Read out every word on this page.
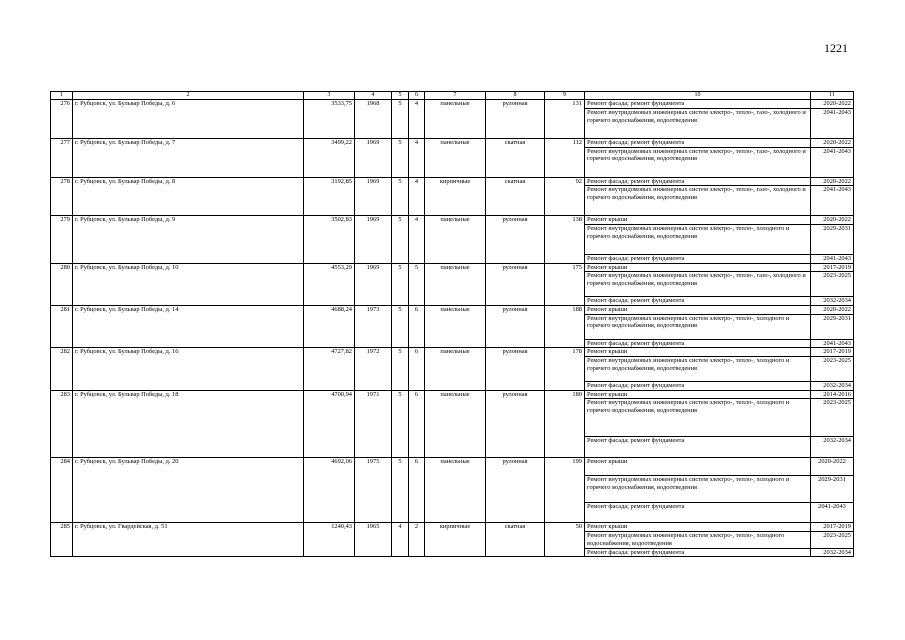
1221
1	2	3	4	5	6	7	8	9	10	11
276	г. Рубцовск, ул. Бульвар Победы, д. 6	3533,75	1968	5	4	панельные	рулонная	131	Ремонт фасада; ремонт фундамента	2020-2022
									Ремонт внутридомовых инженерных систем электро-, тепло-, газо-, холодного и горячего водоснабжения, водоотведения	2041-2043
277	г. Рубцовск, ул. Бульвар Победы, д. 7	3499,22	1969	5	4	панельные	скатная	112	Ремонт фасада; ремонт фундамента	2020-2022
									Ремонт внутридомовых инженерных систем электро-, тепло-, газо-, холодного и горячего водоснабжения, водоотведения	2041-2043
278	г. Рубцовск, ул. Бульвар Победы, д. 8	3192,85	1969	5	4	кирпичные	скатная	92	Ремонт фасада; ремонт фундамента	2020-2022
									Ремонт внутридомовых инженерных систем электро-, тепло-, газо-, холодного и горячего водоснабжения, водоотведения	2041-2043
279	г. Рубцовск, ул. Бульвар Победы, д. 9	3502,83	1969	5	4	панельные	рулонная	138	Ремонт крыши	2020-2022
									Ремонт внутридомовых инженерных систем электро-, тепло-, холодного и горячего водоснабжения, водоотведения	2029-2031
									Ремонт фасада; ремонт фундамента	2041-2043
280	г. Рубцовск, ул. Бульвар Победы, д. 10	4553,29	1969	5	5	панельные	рулонная	175	Ремонт крыши	2017-2019
									Ремонт внутридомовых инженерных систем электро-, тепло-, газо-, холодного и горячего водоснабжения, водоотведения	2023-2025
									Ремонт фасада; ремонт фундамента	2032-2034
281	г. Рубцовск, ул. Бульвар Победы, д. 14	4688,24	1973	5	6	панельные	рулонная	188	Ремонт крыши	2020-2022
									Ремонт внутридомовых инженерных систем электро-, тепло-, холодного и горячего водоснабжения, водоотведения	2029-2031
									Ремонт фасада; ремонт фундамента	2041-2043
282	г. Рубцовск, ул. Бульвар Победы, д. 16	4727,82	1972	5	6	панельные	рулонная	178	Ремонт крыши	2017-2019
									Ремонт внутридомовых инженерных систем электро-, тепло-, холодного и горячего водоснабжения, водоотведения	2023-2025
									Ремонт фасада; ремонт фундамента	2032-2034
283	г. Рубцовск, ул. Бульвар Победы, д. 18	4700,94	1971	5	6	панельные	рулонная	180	Ремонт крыши	2014-2016
									Ремонт внутридомовых инженерных систем электро-, тепло-, холодного и горячего водоснабжения, водоотведения	2023-2025
									Ремонт фасада; ремонт фундамента	2032-2034
284	г. Рубцовск, ул. Бульвар Победы, д. 20	4692,06	1975	5	6	панельные	рулонная	199	Ремонт крыши	2020-2022
									Ремонт внутридомовых инженерных систем электро-, тепло-, холодного и горячего водоснабжения, водоотведения	2029-2031
									Ремонт фасада; ремонт фундамента	2041-2043
285	г. Рубцовск, ул. Гвардейская, д. 51	1240,43	1965	4	2	кирпичные	скатная	50	Ремонт крыши	2017-2019
									Ремонт внутридомовых инженерных систем электро-, тепло-, холодного водоснабжения, водоотведения	2023-2025
									Ремонт фасада; ремонт фундамента	2032-2034
